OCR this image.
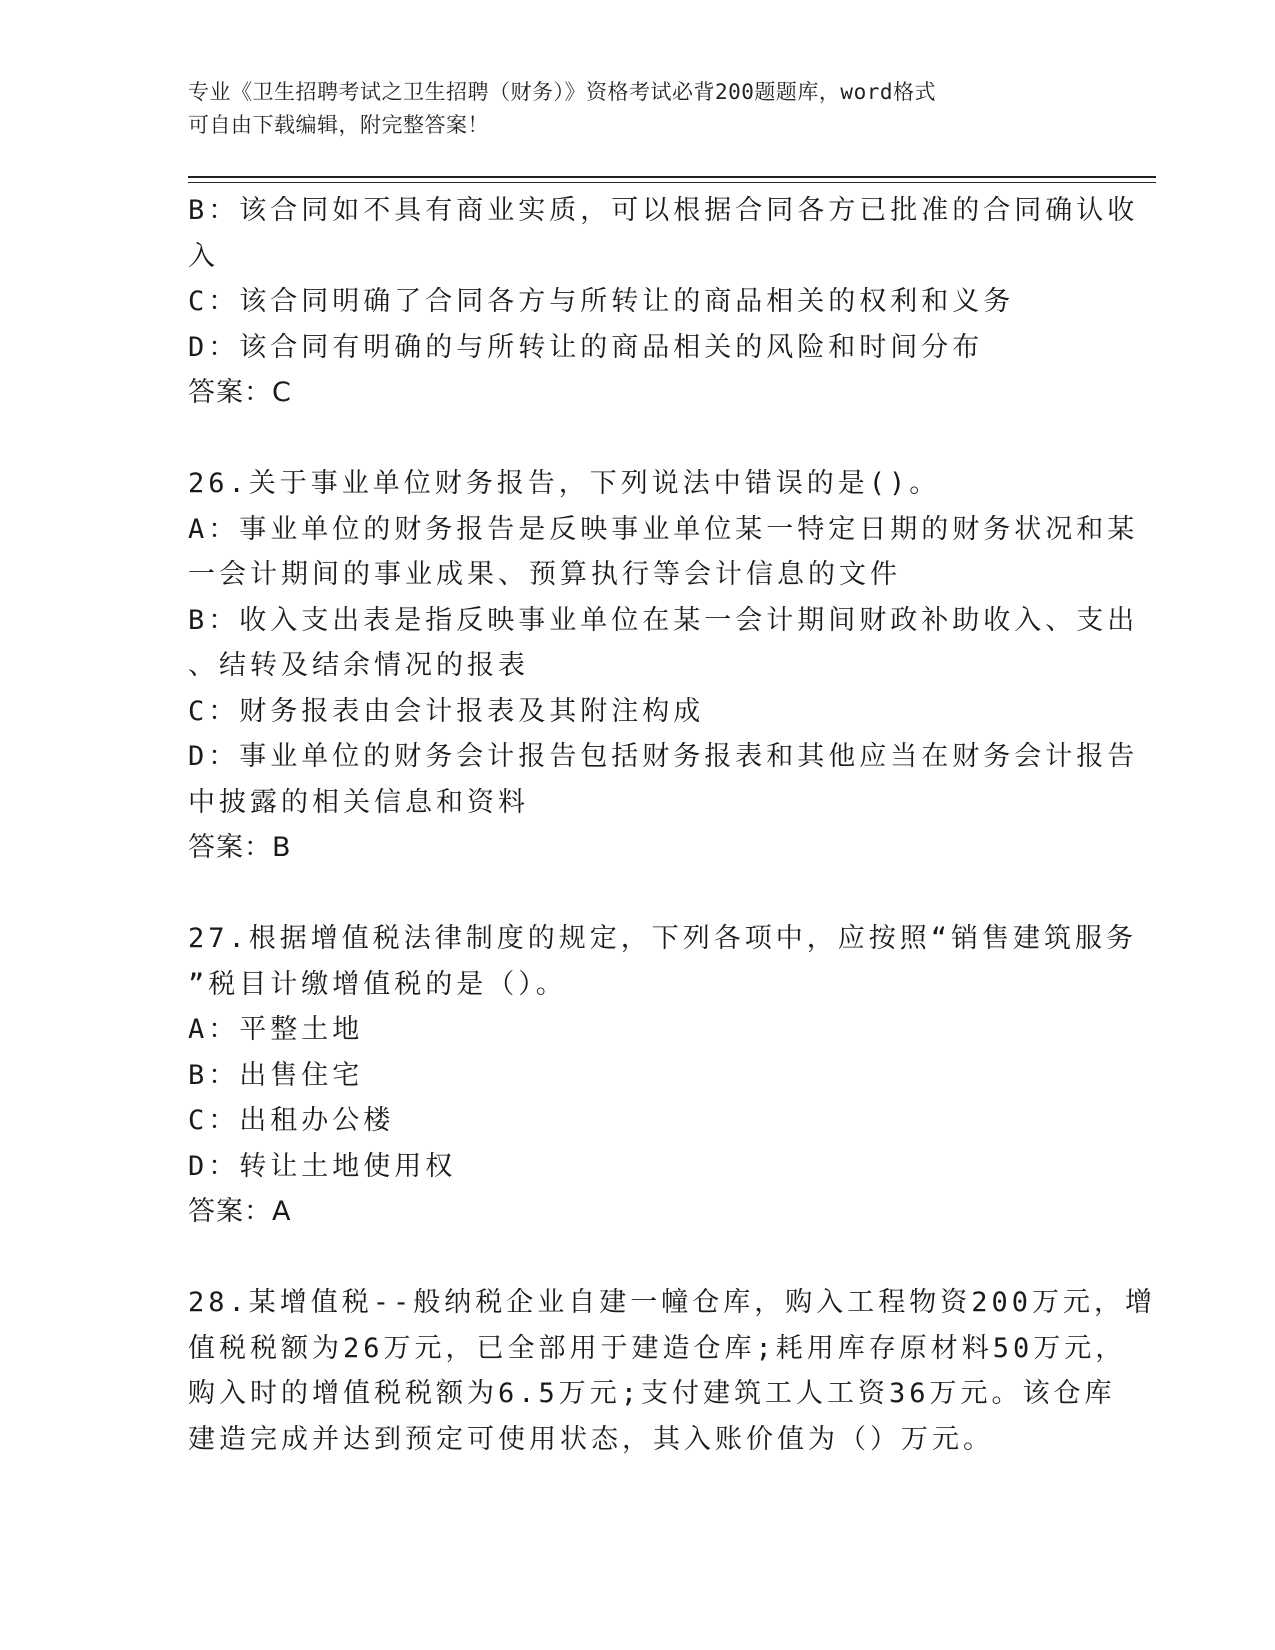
专业《卫生招聘考试之卫生招聘（财务）》资格考试必背200题题库，word格式
可自由下载编辑，附完整答案！
B：该合同如不具有商业实质，可以根据合同各方已批准的合同确认收
入
C：该合同明确了合同各方与所转让的商品相关的权利和义务
D：该合同有明确的与所转让的商品相关的风险和时间分布
答案：C
26.关于事业单位财务报告，下列说法中错误的是()。
A：事业单位的财务报告是反映事业单位某一特定日期的财务状况和某
一会计期间的事业成果、预算执行等会计信息的文件
B：收入支出表是指反映事业单位在某一会计期间财政补助收入、支出
、结转及结余情况的报表
C：财务报表由会计报表及其附注构成
D：事业单位的财务会计报告包括财务报表和其他应当在财务会计报告
中披露的相关信息和资料
答案：B
27.根据增值税法律制度的规定，下列各项中，应按照“销售建筑服务
”税目计缴增值税的是（）。
A：平整土地
B：出售住宅
C：出租办公楼
D：转让土地使用权
答案：A
28.某增值税--般纳税企业自建一幢仓库，购入工程物资200万元，增
值税税额为26万元，已全部用于建造仓库;耗用库存原材料50万元，
购入时的增值税税额为6.5万元;支付建筑工人工资36万元。该仓库
建造完成并达到预定可使用状态，其入账价值为（）万元。
